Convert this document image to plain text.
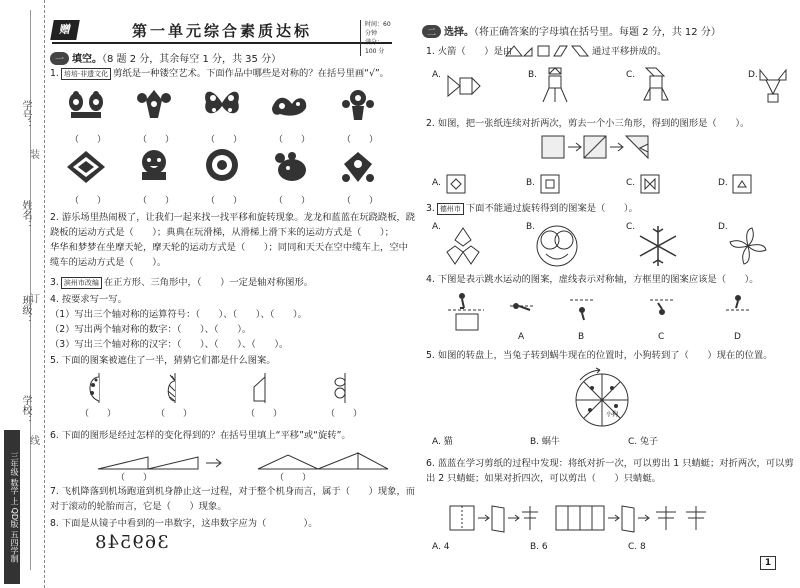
学号：
姓名：
班级：
学校：
装
订
线
三年级 数学 上 QD版 五四学制
赠	第一单元综合素质达标	时间：60 分钟
满分：100 分
一 填空。（8 题 2 分，其余每空 1 分，共 35 分）
1. 培培·非遗文化 剪纸是一种镂空艺术。下面作品中哪些是对称的？在括号里画“√”。
（　　）	（　　）	（　　）	（　　）	（　　）
（　　）	（　　）	（　　）	（　　）	（　　）
2. 游乐场里热闹极了，让我们一起来找一找平移和旋转现象。龙龙和蓝蓝在玩跷跷板，跷
跷板的运动方式是（　　）；典典在玩滑梯，从滑梯上滑下来的运动方式是（　　）；
华华和梦梦在坐摩天轮，摩天轮的运动方式是（　　）；同同和天天在空中缆车上，空中
缆车的运动方式是（　　）。
3. 滨州市改编 在正方形、三角形中，（　　）一定是轴对称图形。
4. 按要求写一写。
（1）写出三个轴对称的运算符号：（　　）、（　　）、（　　）。
（2）写出两个轴对称的数字：（　　）、（　　）。
（3）写出三个轴对称的汉字：（　　）、（　　）、（　　）。
5. 下面的图案被遮住了一半，猜猜它们都是什么图案。
（　　）	（　　）	（　　）	（　　）
6. 下面的图形是经过怎样的变化得到的？在括号里填上“平移”或“旋转”。
（　　）	（　　）
7. 飞机降落到机场跑道到机身静止这一过程，对于整个机身而言，属于（　　）现象，而
对于滚动的轮胎而言，它是（　　）现象。
8. 下面是从镜子中看到的一串数字，这串数字应为（　　　　）。
369548
二 选择。（将正确答案的字母填在括号里。每题 2 分，共 12 分）
1. 火箭（　　）是由	通过平移拼成的。
A.	B.	C.	D.
2. 如图，把一张纸连续对折两次，剪去一个小三角形，得到的图形是（　　）。
A.	B.	C.	D.
3. 德州市 下面不能通过旋转得到的图案是（　　）。
A.	B.	C.	D.
4. 下图是表示跳水运动的图案，虚线表示对称轴，方框里的图案应该是（　　）。
A	B	C	D
5. 如图的转盘上，当兔子转到蜗牛现在的位置时，小狗转到了（　　）现在的位置。
小狗
A. 猫	B. 蜗牛	C. 兔子
6. 蓝蓝在学习剪纸的过程中发现：将纸对折一次，可以剪出 1 只蜻蜓；对折两次，可以剪
出 2 只蜻蜓；如果对折四次，可以剪出（　　）只蜻蜓。
A. 4	B. 6	C. 8
1
